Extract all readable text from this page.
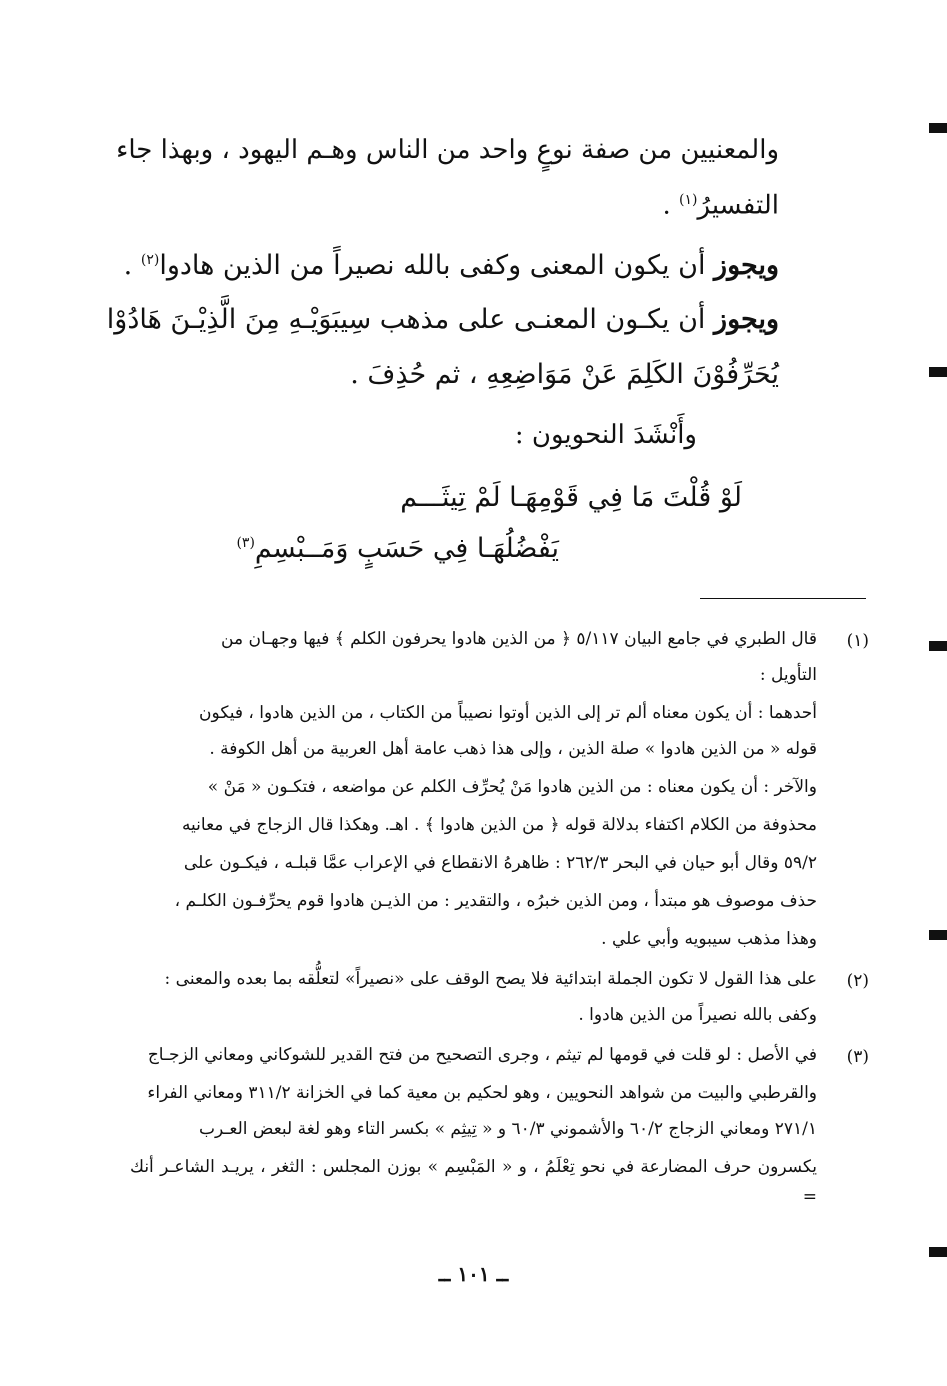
والمعنيين من صفة نوعٍ واحد من الناس وهـم اليهود ، وبهذا جاء
التفسيرُ$^{(١)}$ .
ويجوز أن يكون المعنى وكفى بالله نصيراً من الذين هادوا$^{(٢)}$ .
ويجوز أن يكـون المعنـى على مذهب سِيبَوَيْـهِ مِنَ الَّذِيْـنَ هَادُوْا
يُحَرِّفُوْنَ الكَلِمَ عَنْ مَوَاضِعِهِ ، ثم حُذِفَ .
وأَنْشَدَ النحويون :
لَوْ قُلْتَ مَا فِي قَوْمِهَـا لَمْ تِيثَـــم
يَفْضُلُهَـا فِي حَسَبٍ وَمَــبْسِمِ$^{(٣)}$
(١)
قال الطبري في جامع البيان ٥/١١٧ ﴿ من الذين هادوا يحرفون الكلم ﴾ فيها وجهـان من
التأويل :
أحدهما : أن يكون معناه ألم تر إلى الذين أوتوا نصيباً من الكتاب ، من الذين هادوا ، فيكون
قوله « من الذين هادوا » صلة الذين ، وإلى هذا ذهب عامة أهل العربية من أهل الكوفة .
والآخر : أن يكون معناه : من الذين هادوا مَنْ يُحرِّف الكلم عن مواضعه ، فتكـون « مَنْ »
محذوفة من الكلام اكتفاء بدلالة قوله ﴿ من الذين هادوا ﴾ . اهـ. وهكذا قال الزجاج في معانيه
٥٩/٢ وقال أبو حيان في البحر ٢٦٢/٣ : ظاهرهُ الانقطاع في الإعراب عمَّا قبلـه ، فيكـون على
حذف موصوف هو مبتدأ ، ومن الذين خبرُه ، والتقدير : من الذيـن هادوا قوم يحرِّفـون الكلـم ،
وهذا مذهب سيبويه وأبي علي .
(٢)
على هذا القول لا تكون الجملة ابتدائية فلا يصح الوقف على «نصيراً» لتعلُّقه بما بعده والمعنى :
وكفى بالله نصيراً من الذين هادوا .
(٣)
في الأصل : لو قلت في قومها لم تيثم ، وجرى التصحيح من فتح القدير للشوكاني ومعاني الزجـاج
والقرطبي والبيت من شواهد النحويين ، وهو لحكيم بن معية كما في الخزانة ٣١١/٢ ومعاني الفراء
٢٧١/١ ومعاني الزجاج ٦٠/٢ والأشموني ٦٠/٣ و « تِيثِم » بكسر التاء وهو لغة لبعض العـرب
يكسرون حرف المضارعة في نحو تِعْلَمُ ، و « المَبْسِم » بوزن المجلس : الثغر ، يريـد الشاعـر أنك =
ــ ١٠١ ــ
